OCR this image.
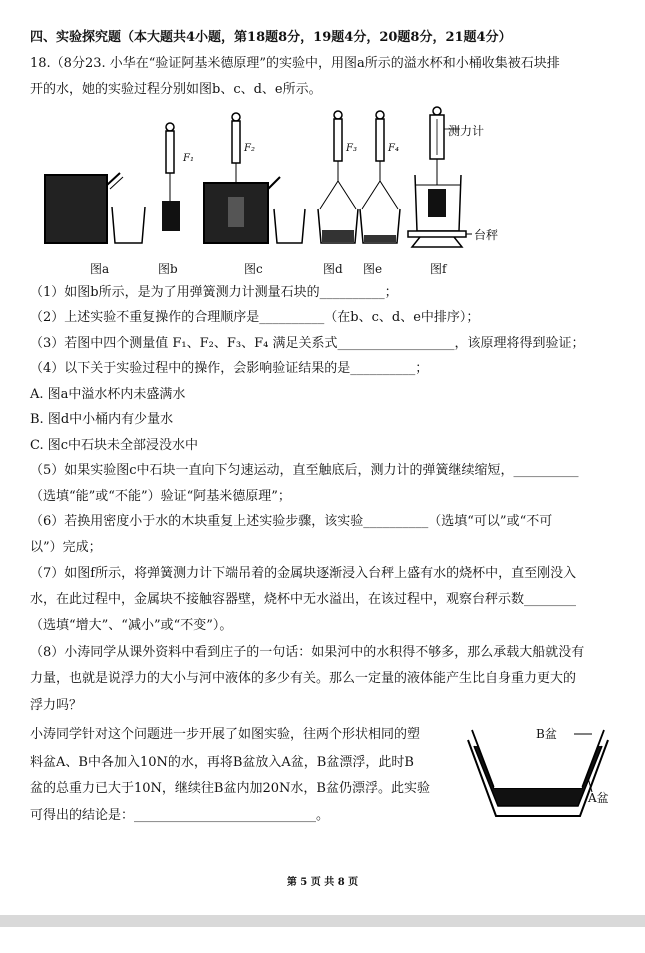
四、实验探究题（本大题共4小题，第18题8分，19题4分，20题8分，21题4分）
18.（8分23. 小华在“验证阿基米德原理”的实验中，用图a所示的溢水杯和小桶收集被石块排
开的水，她的实验过程分别如图b、c、d、e所示。
F₁
F₂	F₃	F₄
测力计
台秤
图a	图b	图c	图d 图e	图f
（1）如图b所示，是为了用弹簧测力计测量石块的__________；
（2）上述实验不重复操作的合理顺序是__________（在b、c、d、e中排序）；
（3）若图中四个测量值 F₁、F₂、F₃、F₄ 满足关系式__________________，该原理将得到验证；
（4）以下关于实验过程中的操作，会影响验证结果的是__________；
A. 图a中溢水杯内未盛满水
B. 图d中小桶内有少量水
C. 图c中石块未全部浸没水中
（5）如果实验图c中石块一直向下匀速运动，直至触底后，测力计的弹簧继续缩短，__________
（选填“能”或“不能”）验证“阿基米德原理”；
（6）若换用密度小于水的木块重复上述实验步骤，该实验__________（选填“可以”或“不可
以”）完成；
（7）如图f所示，将弹簧测力计下端吊着的金属块逐渐浸入台秤上盛有水的烧杯中，直至刚没入
水，在此过程中，金属块不接触容器壁，烧杯中无水溢出，在该过程中，观察台秤示数________
（选填“增大”、“减小”或“不变”）。
（8）小涛同学从课外资料中看到庄子的一句话：如果河中的水积得不够多，那么承载大船就没有
力量，也就是说浮力的大小与河中液体的多少有关。那么一定量的液体能产生比自身重力更大的
浮力吗？
小涛同学针对这个问题进一步开展了如图实验，往两个形状相同的塑
料盆A、B中各加入10N的水，再将B盆放入A盆，B盆漂浮，此时B
盆的总重力已大于10N，继续往B盆内加20N水，B盆仍漂浮。此实验
可得出的结论是：____________________________。
B盆
A盆
第 5 页 共 8 页
